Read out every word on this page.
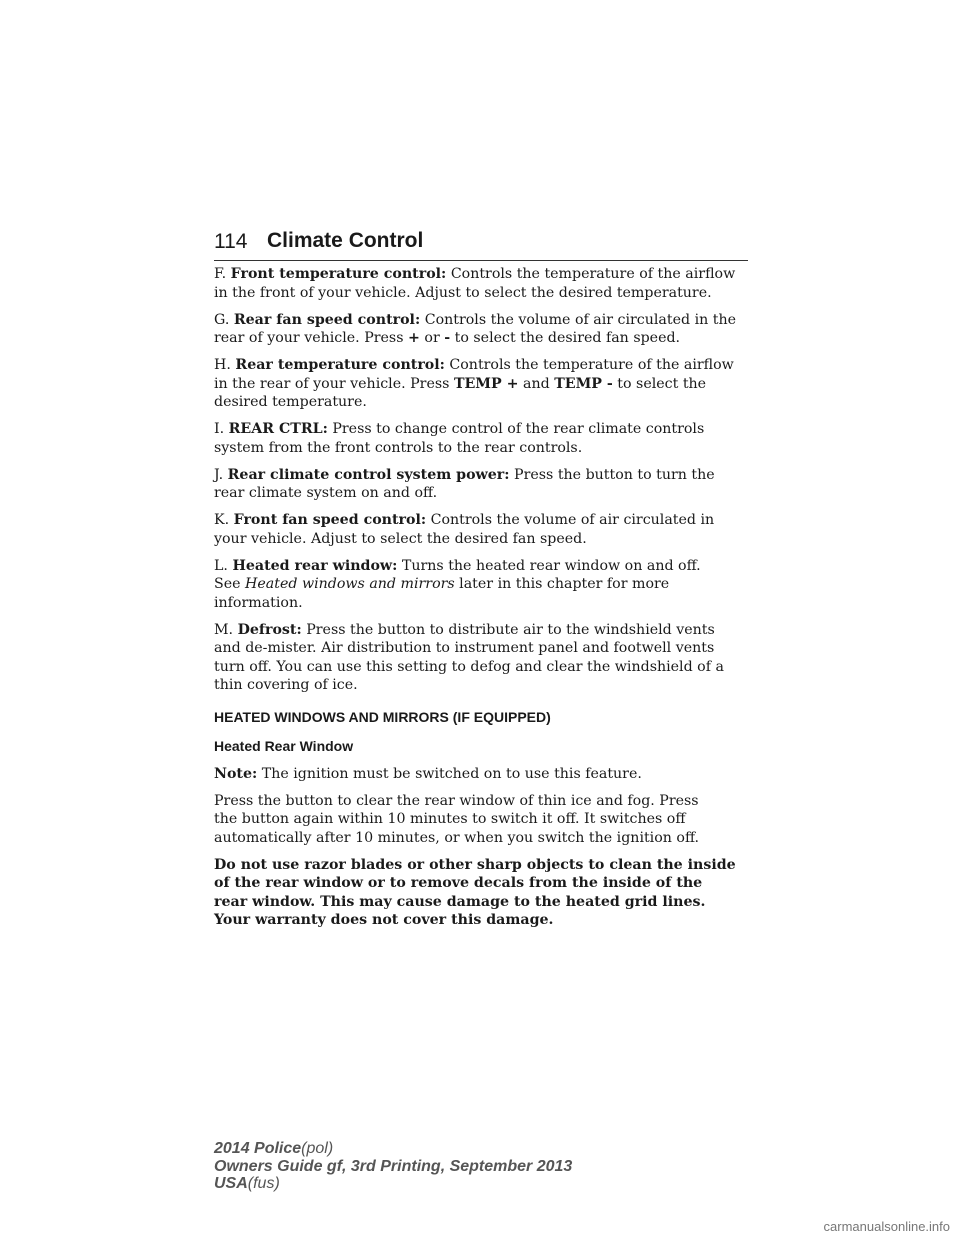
114 Climate Control

F. Front temperature control: Controls the temperature of the airflow
in the front of your vehicle. Adjust to select the desired temperature.

G. Rear fan speed control: Controls the volume of air circulated in the
rear of your vehicle. Press + or - to select the desired fan speed.

H. Rear temperature control: Controls the temperature of the airflow
in the rear of your vehicle. Press TEMP + and TEMP - to select the
desired temperature.

I. REAR CTRL: Press to change control of the rear climate controls
system from the front controls to the rear controls.

J. Rear climate control system power: Press the button to turn the
rear climate system on and off.

K. Front fan speed control: Controls the volume of air circulated in
your vehicle. Adjust to select the desired fan speed.

L. Heated rear window: Turns the heated rear window on and off.
See Heated windows and mirrors later in this chapter for more
information.

M. Defrost: Press the button to distribute air to the windshield vents
and de-mister. Air distribution to instrument panel and footwell vents
turn off. You can use this setting to defog and clear the windshield of a
thin covering of ice.

HEATED WINDOWS AND MIRRORS (IF EQUIPPED)

Heated Rear Window

Note: The ignition must be switched on to use this feature.

Press the button to clear the rear window of thin ice and fog. Press
the button again within 10 minutes to switch it off. It switches off
automatically after 10 minutes, or when you switch the ignition off.

Do not use razor blades or other sharp objects to clean the inside
of the rear window or to remove decals from the inside of the
rear window. This may cause damage to the heated grid lines.
Your warranty does not cover this damage.

2014 Police(pol)
Owners Guide gf, 3rd Printing, September 2013
USA(fus)
carmanualsonline.info
